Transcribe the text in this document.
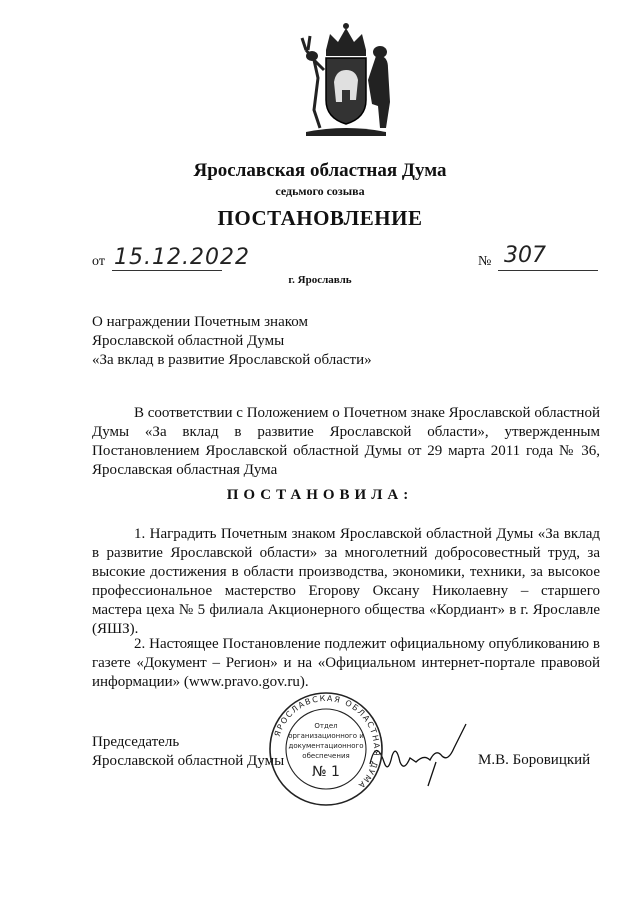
Ярославская областная Дума
седьмого созыва
ПОСТАНОВЛЕНИЕ
от 15.12.2022	№ 307
г. Ярославль
О награждении Почетным знаком
Ярославской областной Думы
«За вклад в развитие Ярославской области»
В соответствии с Положением о Почетном знаке Ярославской областной Думы «За вклад в развитие Ярославской области», утвержденным Постановлением Ярославской областной Думы от 29 марта 2011 года № 36, Ярославская областная Дума
ПОСТАНОВИЛА:
1. Наградить Почетным знаком Ярославской областной Думы «За вклад в развитие Ярославской области» за многолетний добросовестный труд, за высокие достижения в области производства, экономики, техники, за высокое профессиональное мастерство Егорову Оксану Николаевну – старшего мастера цеха № 5 филиала Акционерного общества «Кордиант» в г. Ярославле (ЯШЗ).
2. Настоящее Постановление подлежит официальному опубликованию в газете «Документ – Регион» и на «Официальном интернет-портале правовой информации» (www.pravo.gov.ru).
Председатель
Ярославской областной Думы	М.В. Боровицкий
ЯРОСЛАВСКАЯ ОБЛАСТНАЯ ДУМА
Отдел
организационного и
документационного
обеспечения
№ 1
